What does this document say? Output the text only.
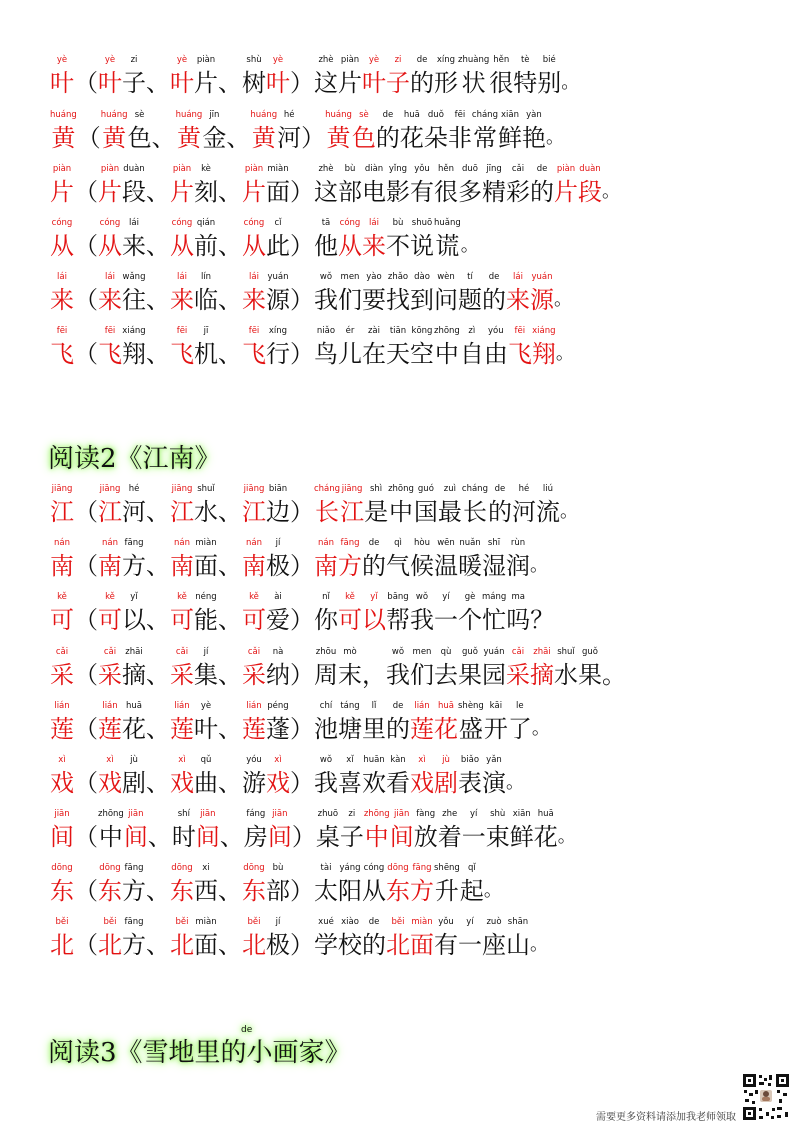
yè
叶 （
yè
叶
zi
子 、
yè
叶
piàn
片 、
shù
树
yè
叶 ）
zhè
这
piàn
片
yè
叶
zi
子
de
的
xíng
形
zhuàng
状
hěn
很
tè
特
bié
别 。
huáng
黄 （
huáng
黄
sè
色 、
huáng
黄
jīn
金 、
huáng
黄
hé
河 ）
huáng
黄
sè
色
de
的
huā
花
duǒ
朵
fēi
非
cháng
常
xiān
鲜
yàn
艳 。
piàn
片 （
piàn
片
duàn
段 、
piàn
片
kè
刻 、
piàn
片
miàn
面 ）
zhè
这
bù
部
diàn
电
yǐng
影
yǒu
有
hěn
很
duō
多
jīng
精
cǎi
彩
de
的
piàn
片
duàn
段 。
cóng
从 （
cóng
从
lái
来 、
cóng
从
qián
前 、
cóng
从
cǐ
此 ）
tā
他
cóng
从
lái
来
bù
不
shuō
说
huǎng
谎 。
lái
来 （
lái
来
wǎng
往 、
lái
来
lín
临 、
lái
来
yuán
源 ）
wǒ
我
men
们
yào
要
zhǎo
找
dào
到
wèn
问
tí
题
de
的
lái
来
yuán
源 。
fēi
飞 （
fēi
飞
xiáng
翔 、
fēi
飞
jī
机 、
fēi
飞
xíng
行 ）
niǎo
鸟
ér
儿
zài
在
tiān
天
kōng
空
zhōng
中
zì
自
yóu
由
fēi
飞
xiáng
翔 。
阅读2《江南》
jiāng
江 （
jiāng
江
hé
河 、
jiāng
江
shuǐ
水 、
jiāng
江
biān
边 ）
cháng
长
jiāng
江
shì
是
zhōng
中
guó
国
zuì
最
cháng
长
de
的
hé
河
liú
流 。
nán
南 （
nán
南
fāng
方 、
nán
南
miàn
面 、
nán
南
jí
极 ）
nán
南
fāng
方
de
的
qì
气
hòu
候
wēn
温
nuǎn
暖
shī
湿
rùn
润 。
kě
可 （
kě
可
yǐ
以 、
kě
可
néng
能 、
kě
可
ài
爱 ）
nǐ
你
kě
可
yǐ
以
bāng
帮
wǒ
我
yí
一
gè
个
máng
忙
ma
吗 ？
cǎi
采 （
cǎi
采
zhāi
摘 、
cǎi
采
jí
集 、
cǎi
采
nà
纳 ）
zhōu
周
mò
末 ，
wǒ
我
men
们
qù
去
guǒ
果
yuán
园
cǎi
采
zhāi
摘
shuǐ
水
guǒ
果 。
lián
莲 （
lián
莲
huā
花 、
lián
莲
yè
叶 、
lián
莲
péng
蓬 ）
chí
池
táng
塘
lǐ
里
de
的
lián
莲
huā
花
shèng
盛
kāi
开
le
了 。
xì
戏 （
xì
戏
jù
剧 、
xì
戏
qǔ
曲 、
yóu
游
xì
戏 ）
wǒ
我
xǐ
喜
huān
欢
kàn
看
xì
戏
jù
剧
biǎo
表
yǎn
演 。
jiān
间 （
zhōng
中
jiān
间 、
shí
时
jiān
间 、
fáng
房
jiān
间 ）
zhuō
桌
zi
子
zhōng
中
jiān
间
fàng
放
zhe
着
yí
一
shù
束
xiān
鲜
huā
花 。
dōng
东 （
dōng
东
fāng
方 、
dōng
东
xi
西 、
dōng
东
bù
部 ）
tài
太
yáng
阳
cóng
从
dōng
东
fāng
方
shēng
升
qǐ
起 。
běi
北 （
běi
北
fāng
方 、
běi
北
miàn
面 、
běi
北
jí
极 ）
xué
学
xiào
校
de
的
běi
北
miàn
面
yǒu
有
yí
一
zuò
座
shān
山 。
de
阅读3《雪地里的小画家》
需要更多资料请添加我老师领取
